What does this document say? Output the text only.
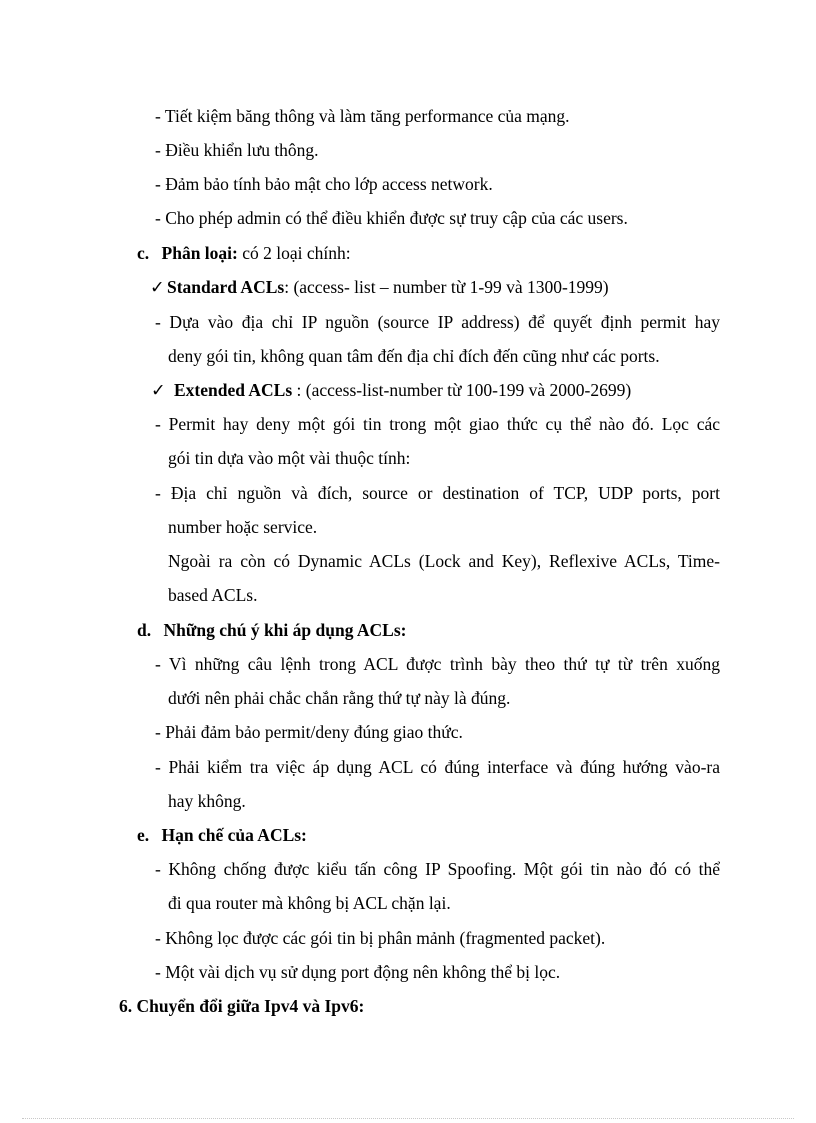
- Tiết kiệm băng thông và làm tăng performance của mạng.
- Điều khiển lưu thông.
- Đảm bảo tính bảo mật cho lớp access network.
- Cho phép admin có thể điều khiển được sự truy cập của các users.
c. Phân loại: có 2 loại chính:
✓ Standard ACLs: (access- list – number từ 1-99 và 1300-1999)
- Dựa vào địa chỉ IP nguồn (source IP address) để quyết định permit hay
deny gói tin, không quan tâm đến địa chỉ đích đến cũng như các ports.
✓ Extended ACLs : (access-list-number từ 100-199 và 2000-2699)
- Permit hay deny một gói tin trong một giao thức cụ thể nào đó. Lọc các
gói tin dựa vào một vài thuộc tính:
- Địa chỉ nguồn và đích, source or destination of TCP, UDP ports, port
number hoặc service.
Ngoài ra còn có Dynamic ACLs (Lock and Key), Reflexive ACLs, Time-
based ACLs.
d. Những chú ý khi áp dụng ACLs:
- Vì những câu lệnh trong ACL được trình bày theo thứ tự từ trên xuống
dưới nên phải chắc chắn rằng thứ tự này là đúng.
- Phải đảm bảo permit/deny đúng giao thức.
- Phải kiểm tra việc áp dụng ACL có đúng interface và đúng hướng vào-ra
hay không.
e. Hạn chế của ACLs:
- Không chống được kiểu tấn công IP Spoofing. Một gói tin nào đó có thể
đi qua router mà không bị ACL chặn lại.
- Không lọc được các gói tin bị phân mảnh (fragmented packet).
- Một vài dịch vụ sử dụng port động nên không thể bị lọc.
6. Chuyển đổi giữa Ipv4 và Ipv6:
